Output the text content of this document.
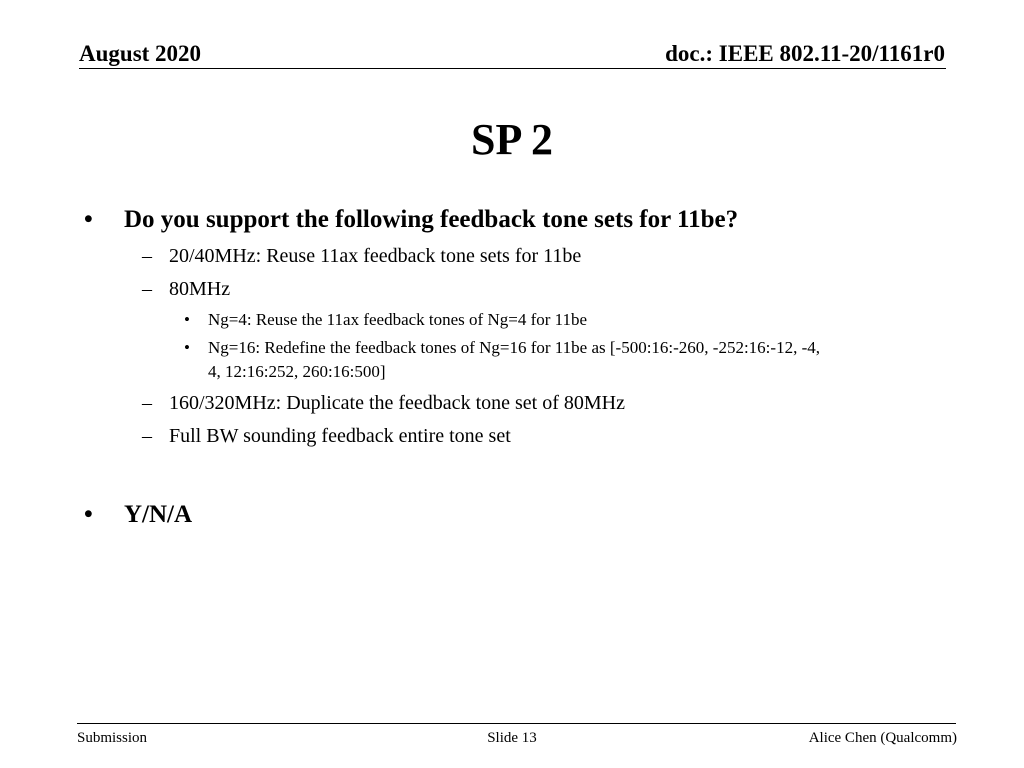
August 2020	doc.: IEEE 802.11-20/1161r0
SP 2
• Do you support the following feedback tone sets for 11be?
– 20/40MHz: Reuse 11ax feedback tone sets for 11be
– 80MHz
• Ng=4: Reuse the 11ax feedback tones of Ng=4 for 11be
• Ng=16: Redefine the feedback tones of Ng=16 for 11be as [-500:16:-260, -252:16:-12, -4,
4, 12:16:252, 260:16:500]
– 160/320MHz: Duplicate the feedback tone set of 80MHz
– Full BW sounding feedback entire tone set
• Y/N/A
Submission	Slide 13	Alice Chen (Qualcomm)
